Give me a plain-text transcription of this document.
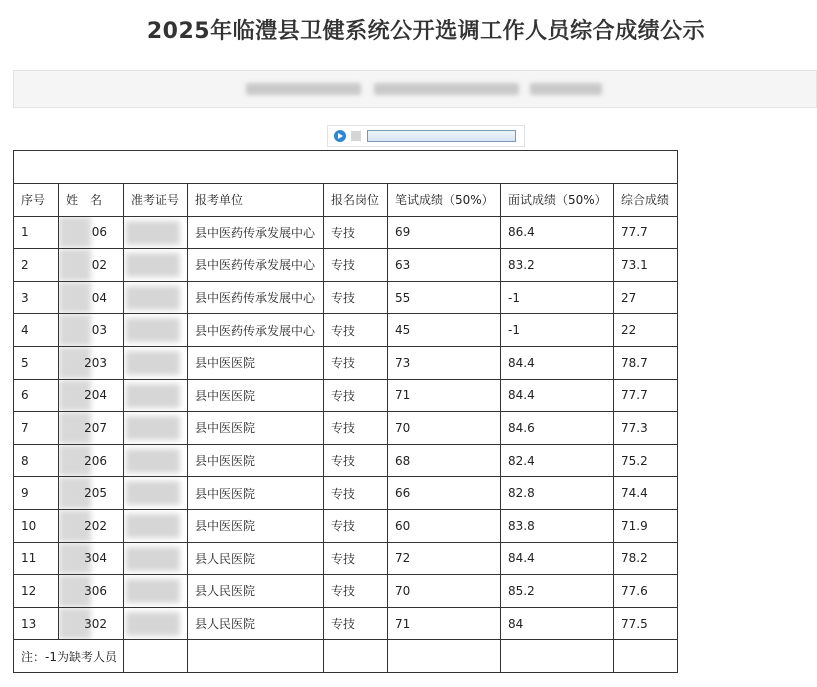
2025年临澧县卫健系统公开选调工作人员综合成绩公示

序号	姓　名	准考证号	报考单位	报名岗位	笔试成绩（50%）	面试成绩（50%）	综合成绩
1	06		县中医药传承发展中心	专技	69	86.4	77.7
2	02		县中医药传承发展中心	专技	63	83.2	73.1
3	04		县中医药传承发展中心	专技	55	-1	27
4	03		县中医药传承发展中心	专技	45	-1	22
5	203		县中医医院	专技	73	84.4	78.7
6	204		县中医医院	专技	71	84.4	77.7
7	207		县中医医院	专技	70	84.6	77.3
8	206		县中医医院	专技	68	82.4	75.2
9	205		县中医医院	专技	66	82.8	74.4
10	202		县中医医院	专技	60	83.8	71.9
11	304		县人民医院	专技	72	84.4	78.2
12	306		县人民医院	专技	70	85.2	77.6
13	302		县人民医院	专技	71	84	77.5
注：-1为缺考人员							
